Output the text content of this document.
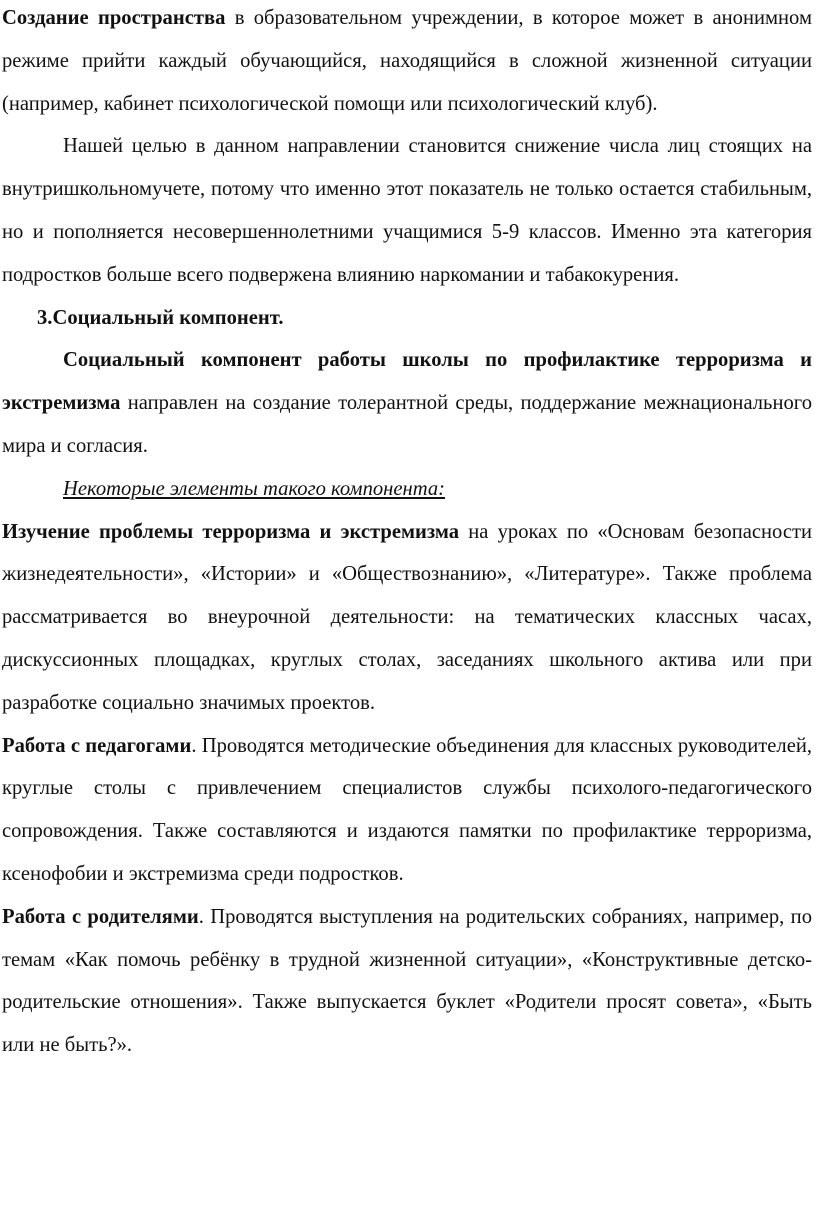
Создание пространства в образовательном учреждении, в которое может в анонимном режиме прийти каждый обучающийся, находящийся в сложной жизненной ситуации (например, кабинет психологической помощи или психологический клуб).

Нашей целью в данном направлении становится снижение числа лиц стоящих на внутришкольномучете, потому что именно этот показатель не только остается стабильным, но и пополняется несовершеннолетними учащимися 5-9 классов. Именно эта категория подростков больше всего подвержена влиянию наркомании и табакокурения.

3.Социальный компонент.

Социальный компонент работы школы по профилактике терроризма и экстремизма направлен на создание толерантной среды, поддержание межнационального мира и согласия.

Некоторые элементы такого компонента:

Изучение проблемы терроризма и экстремизма на уроках по «Основам безопасности жизнедеятельности», «Истории» и «Обществознанию», «Литературе». Также проблема рассматривается во внеурочной деятельности: на тематических классных часах, дискуссионных площадках, круглых столах, заседаниях школьного актива или при разработке социально значимых проектов.

Работа с педагогами. Проводятся методические объединения для классных руководителей, круглые столы с привлечением специалистов службы психолого-педагогического сопровождения. Также составляются и издаются памятки по профилактике терроризма, ксенофобии и экстремизма среди подростков.

Работа с родителями. Проводятся выступления на родительских собраниях, например, по темам «Как помочь ребёнку в трудной жизненной ситуации», «Конструктивные детско-родительские отношения». Также выпускается буклет «Родители просят совета», «Быть или не быть?».
